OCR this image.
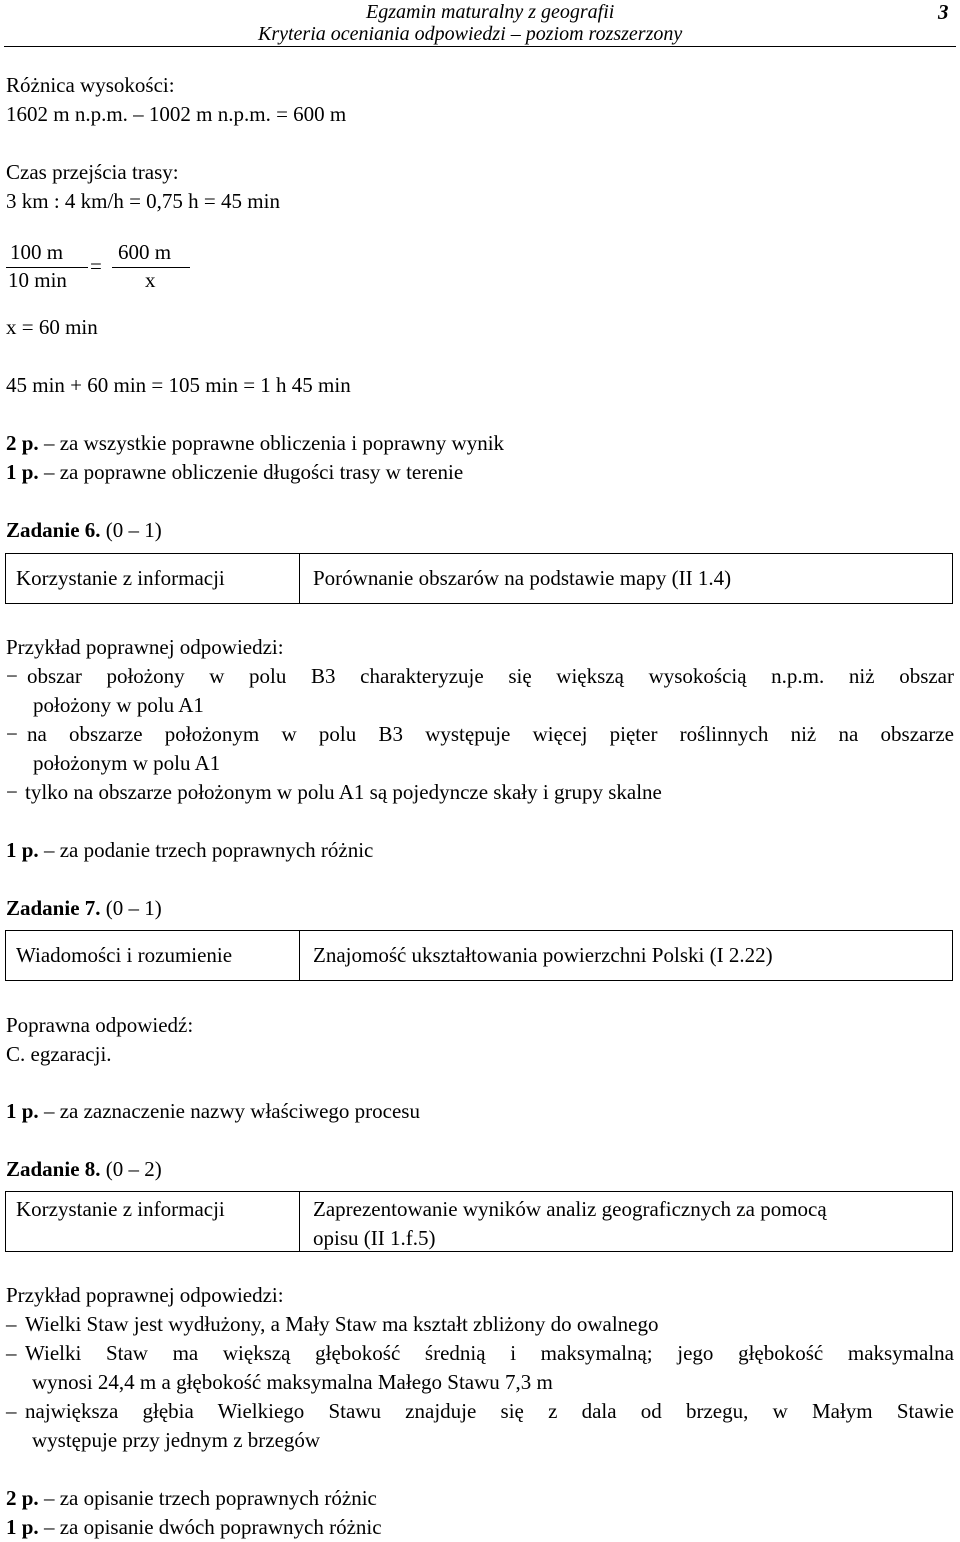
Egzamin maturalny z geografii
Kryteria oceniania odpowiedzi – poziom rozszerzony
3
Różnica wysokości:
1602 m n.p.m. – 1002 m n.p.m. = 600 m
Czas przejścia trasy:
3 km : 4 km/h = 0,75 h = 45 min
100 m
10 min
=
600 m
x
x = 60 min
45 min + 60 min = 105 min = 1 h 45 min
2 p. – za wszystkie poprawne obliczenia i poprawny wynik
1 p. – za poprawne obliczenie długości trasy w terenie
Zadanie 6. (0 – 1)
Korzystanie z informacji	Porównanie obszarów na podstawie mapy (II 1.4)
Przykład poprawnej odpowiedzi:
− obszar położony w polu B3 charakteryzuje się większą wysokością n.p.m. niż obszar
położony w polu A1
− na obszarze położonym w polu B3 występuje więcej pięter roślinnych niż na obszarze
położonym w polu A1
− tylko na obszarze położonym w polu A1 są pojedyncze skały i grupy skalne
1 p. – za podanie trzech poprawnych różnic
Zadanie 7. (0 – 1)
Wiadomości i rozumienie	Znajomość ukształtowania powierzchni Polski (I 2.22)
Poprawna odpowiedź:
C. egzaracji.
1 p. – za zaznaczenie nazwy właściwego procesu
Zadanie 8. (0 – 2)
Korzystanie z informacji	Zaprezentowanie wyników analiz geograficznych za pomocą
opisu (II 1.f.5)
Przykład poprawnej odpowiedzi:
– Wielki Staw jest wydłużony, a Mały Staw ma kształt zbliżony do owalnego
– Wielki Staw ma większą głębokość średnią i maksymalną; jego głębokość maksymalna
wynosi 24,4 m a głębokość maksymalna Małego Stawu 7,3 m
– największa głębia Wielkiego Stawu znajduje się z dala od brzegu, w Małym Stawie
występuje przy jednym z brzegów
2 p. – za opisanie trzech poprawnych różnic
1 p. – za opisanie dwóch poprawnych różnic
